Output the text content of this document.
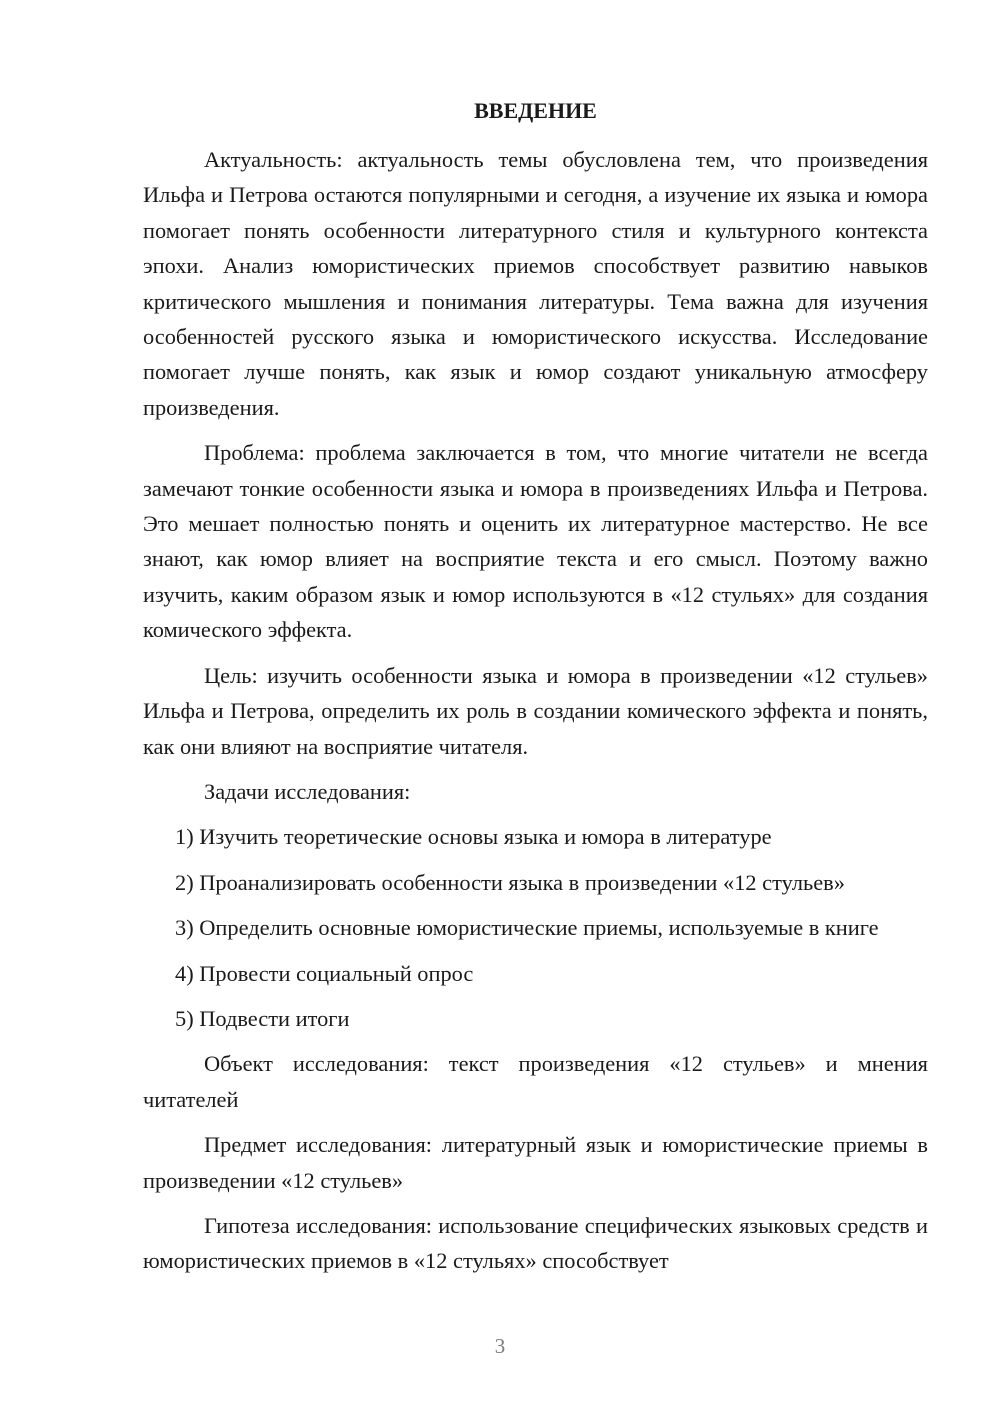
ВВЕДЕНИЕ

Актуальность: актуальность темы обусловлена тем, что произведения Ильфа и Петрова остаются популярными и сегодня, а изучение их языка и юмора помогает понять особенности литературного стиля и культурного контекста эпохи. Анализ юмористических приемов способствует развитию навыков критического мышления и понимания литературы. Тема важна для изучения особенностей русского языка и юмористического искусства. Исследование помогает лучше понять, как язык и юмор создают уникальную атмосферу произведения.

Проблема: проблема заключается в том, что многие читатели не всегда замечают тонкие особенности языка и юмора в произведениях Ильфа и Петрова. Это мешает полностью понять и оценить их литературное мастерство. Не все знают, как юмор влияет на восприятие текста и его смысл. Поэтому важно изучить, каким образом язык и юмор используются в «12 стульях» для создания комического эффекта.

Цель: изучить особенности языка и юмора в произведении «12 стульев» Ильфа и Петрова, определить их роль в создании комического эффекта и понять, как они влияют на восприятие читателя.

Задачи исследования:

1) Изучить теоретические основы языка и юмора в литературе

2) Проанализировать особенности языка в произведении «12 стульев»

3) Определить основные юмористические приемы, используемые в книге

4) Провести социальный опрос

5) Подвести итоги

Объект исследования: текст произведения «12 стульев» и мнения читателей

Предмет исследования: литературный язык и юмористические приемы в произведении «12 стульев»

Гипотеза исследования: использование специфических языковых средств и юмористических приемов в «12 стульях» способствует

3
